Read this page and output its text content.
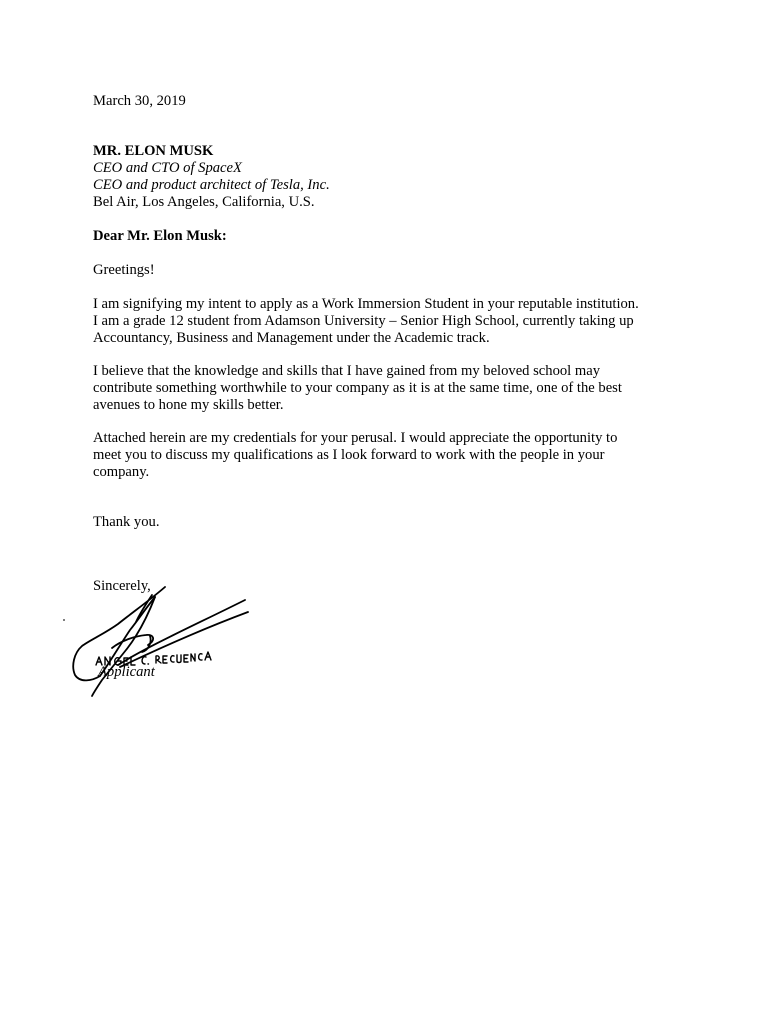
March 30, 2019

MR. ELON MUSK

CEO and CTO of SpaceX

CEO and product architect of Tesla, Inc.

Bel Air, Los Angeles, California, U.S.

Dear Mr. Elon Musk:

Greetings!

I am signifying my intent to apply as a Work Immersion Student in your reputable institution.

I am a grade 12 student from Adamson University – Senior High School, currently taking up

Accountancy, Business and Management under the Academic track.

I believe that the knowledge and skills that I have gained from my beloved school may

contribute something worthwhile to your company as it is at the same time, one of the best

avenues to hone my skills better.

Attached herein are my credentials for your perusal. I would appreciate the opportunity to

meet you to discuss my qualifications as I look forward to work with the people in your

company.

Thank you.

Sincerely,

Applicant
